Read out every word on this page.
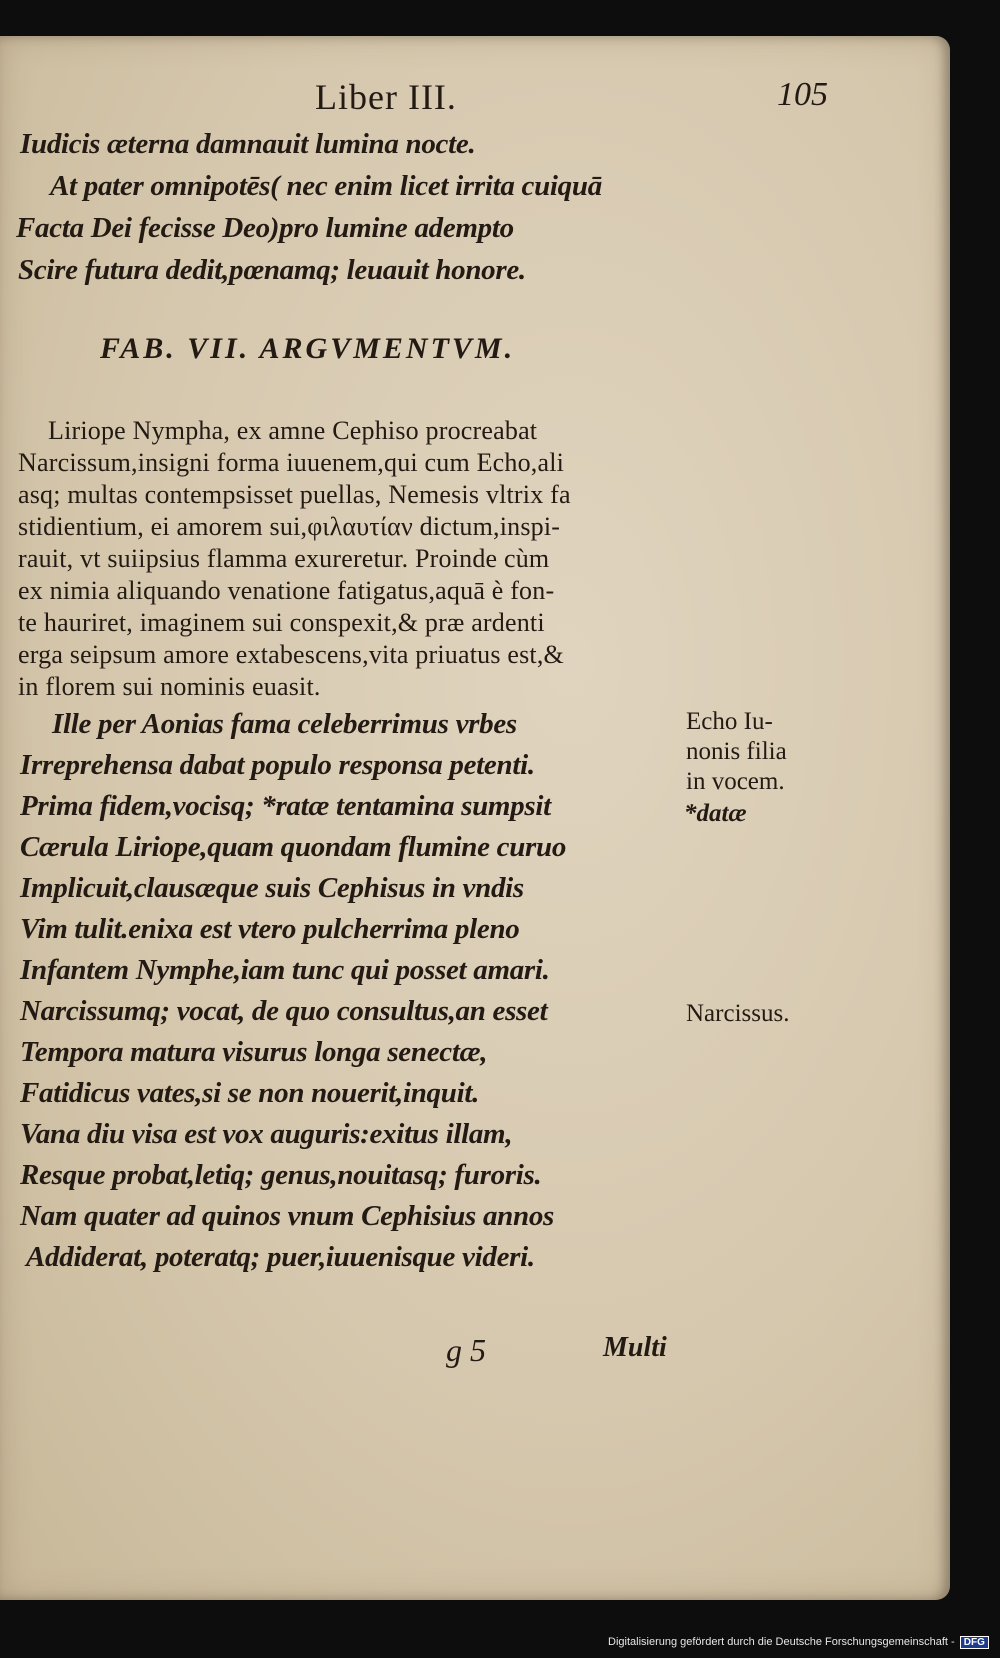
Liber III.	105
Iudicis æterna damnauit lumina nocte.
At pater omnipotēs( nec enim licet irrita cuiquā
Facta Dei fecisse Deo)pro lumine adempto
Scire futura dedit,pœnamq; leuauit honore.
FAB. VII. ARGVMENTVM.
Liriope Nympha, ex amne Cephiso procreabat
Narcissum,insigni forma iuuenem,qui cum Echo,ali
asq; multas contempsisset puellas, Nemesis vltrix fa
stidientium, ei amorem sui,φιλαυτίαν dictum,inspi-
rauit, vt suiipsius flamma exureretur. Proinde cùm
ex nimia aliquando venatione fatigatus,aquā è fon-
te hauriret, imaginem sui conspexit,& præ ardenti
erga seipsum amore extabescens,vita priuatus est,&
in florem sui nominis euasit.
Ille per Aonias fama celeberrimus vrbes
Irreprehensa dabat populo responsa petenti.
Prima fidem,vocisq; *ratæ tentamina sumpsit
Cærula Liriope,quam quondam flumine curuo
Implicuit,clausæque suis Cephisus in vndis
Vim tulit.enixa est vtero pulcherrima pleno
Infantem Nymphe,iam tunc qui posset amari.
Narcissumq; vocat, de quo consultus,an esset
Tempora matura visurus longa senectæ,
Fatidicus vates,si se non nouerit,inquit.
Vana diu visa est vox auguris:exitus illam,
Resque probat,letiq; genus,nouitasq; furoris.
Nam quater ad quinos vnum Cephisius annos
Addiderat, poteratq; puer,iuuenisque videri.
Echo Iu-
nonis filia
in vocem.
*datæ
Narcissus.
g 5	Multi
Digitalisierung gefördert durch die Deutsche Forschungsgemeinschaft - DFG
